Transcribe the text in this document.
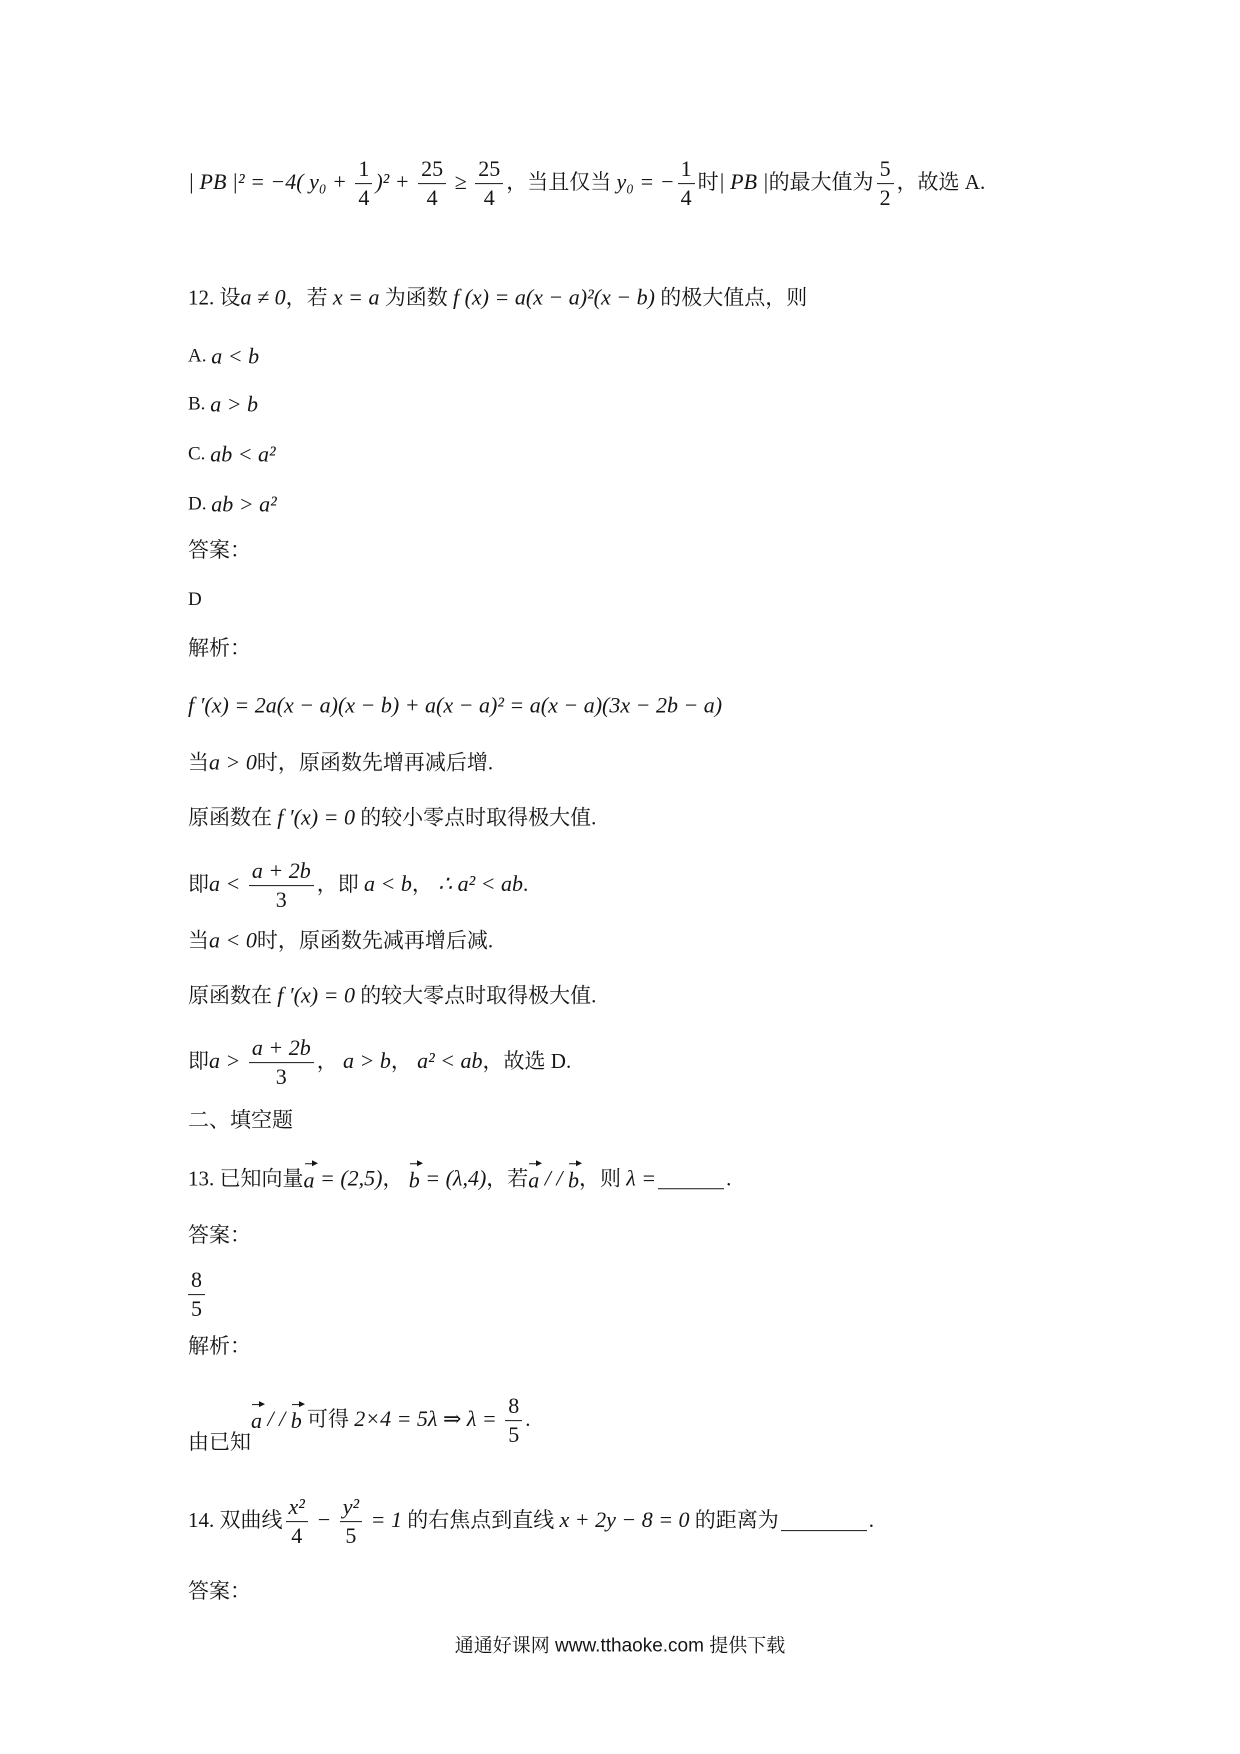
| PB |² = −4( $y_0 + \frac{1}{4} )^2 + \frac{25}{4} \ge \frac{25}{4}$ ，当且仅当 y₀ = − $\frac{1}{4}$ 时 | PB | 的最大值为 $\frac{5}{2}$ ，故选 A.
12. 设 a ≠ 0 ，若 x = a 为函数 f (x) = a(x − a)²(x − b) 的极大值点，则
A. a < b
B. a > b
C. ab < a²
D. ab > a²
答案：
D
解析：
f ′(x) = 2a(x − a)(x − b) + a(x − a)² = a(x − a)(3x − 2b − a)
当 a > 0 时，原函数先增再减后增.
原函数在 f ′(x) = 0 的较小零点时取得极大值.
即 $a < \frac{a + 2b}{3}$ ，即 a < b ， ∴ a² < ab .
当 a < 0 时，原函数先减再增后减.
原函数在 f ′(x) = 0 的较大零点时取得极大值.
即 $a > \frac{a + 2b}{3}$ ， a > b ， a² < ab ，故选 D.
二、填空题
13. 已知向量 a = (2,5) ， b = (λ,4) ，若 a / / b ，则 λ =	.
答案：
$\frac{8}{5}$
解析：
由已知
a / / b 可得 2×4 = 5λ ⇒ $\lambda = \frac{8}{5}$ .
14. 双曲线 $\frac{\text{x²}}{4} - \frac{\text{y²}}{5} = 1$ 的右焦点到直线 x + 2y − 8 = 0 的距离为	.
答案：
通通好课网 www.tthaoke.com 提供下载
